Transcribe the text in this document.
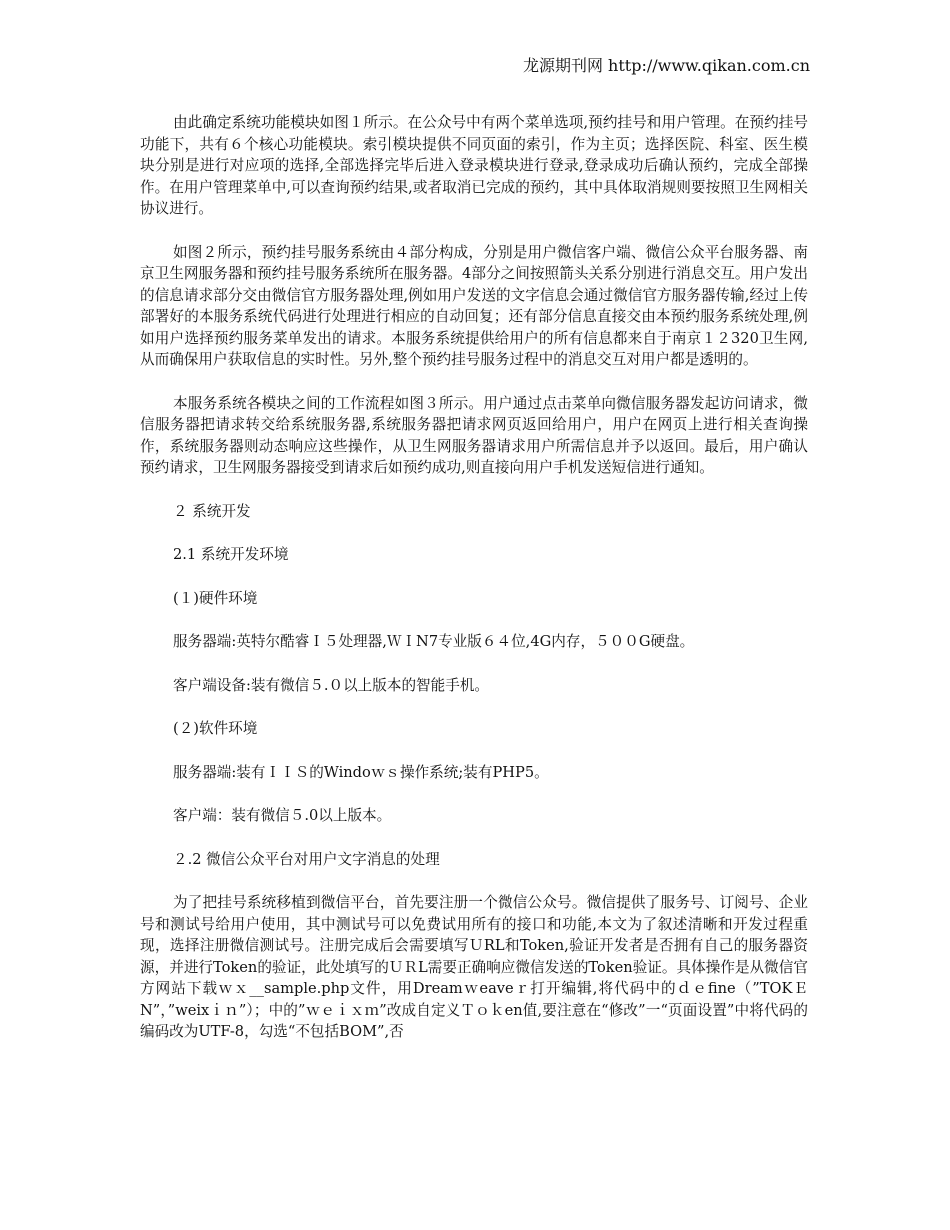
龙源期刊网 http://www.qikan.com.cn

由此确定系统功能模块如图１所示。在公众号中有两个菜单选项,预约挂号和用户管理。在预约挂号功能下，共有６个核心功能模块。索引模块提供不同页面的索引，作为主页；选择医院、科室、医生模块分别是进行对应项的选择,全部选择完毕后进入登录模块进行登录,登录成功后确认预约，完成全部操作。在用户管理菜单中,可以查询预约结果,或者取消已完成的预约，其中具体取消规则要按照卫生网相关协议进行。

如图２所示，预约挂号服务系统由４部分构成，分别是用户微信客户端、微信公众平台服务器、南京卫生网服务器和预约挂号服务系统所在服务器。4部分之间按照箭头关系分别进行消息交互。用户发出的信息请求部分交由微信官方服务器处理,例如用户发送的文字信息会通过微信官方服务器传输,经过上传部署好的本服务系统代码进行处理进行相应的自动回复；还有部分信息直接交由本预约服务系统处理,例如用户选择预约服务菜单发出的请求。本服务系统提供给用户的所有信息都来自于南京１２320卫生网,从而确保用户获取信息的实时性。另外,整个预约挂号服务过程中的消息交互对用户都是透明的。

本服务系统各模块之间的工作流程如图３所示。用户通过点击菜单向微信服务器发起访问请求，微信服务器把请求转交给系统服务器,系统服务器把请求网页返回给用户，用户在网页上进行相关查询操作，系统服务器则动态响应这些操作，从卫生网服务器请求用户所需信息并予以返回。最后，用户确认预约请求，卫生网服务器接受到请求后如预约成功,则直接向用户手机发送短信进行通知。

２ 系统开发

2.1 系统开发环境

(１)硬件环境

服务器端:英特尔酷睿Ｉ５处理器,ＷＩN7专业版６４位,4G内存，５００G硬盘。

客户端设备:装有微信５.０以上版本的智能手机。

(２)软件环境

服务器端:装有ＩＩＳ的Windoｗｓ操作系统;装有PHP5。

客户端：装有微信５.0以上版本。

２.2 微信公众平台对用户文字消息的处理

为了把挂号系统移植到微信平台，首先要注册一个微信公众号。微信提供了服务号、订阅号、企业号和测试号给用户使用，其中测试号可以免费试用所有的接口和功能,本文为了叙述清晰和开发过程重现，选择注册微信测试号。注册完成后会需要填写ＵRL和Token,验证开发者是否拥有自己的服务器资源，并进行Token的验证，此处填写的ＵＲL需要正确响应微信发送的Token验证。具体操作是从微信官方网站下载ｗｘ__sample.php文件，用Dreamｗeaveｒ打开编辑,将代码中的ｄｅfine（”TOKＥN”，”weixｉｎ”）；中的”ｗｅｉｘｍ”改成自定义Ｔｏｋen值,要注意在“修改”一“页面设置”中将代码的编码改为UTF-8，勾选“不包括BOM”,否
